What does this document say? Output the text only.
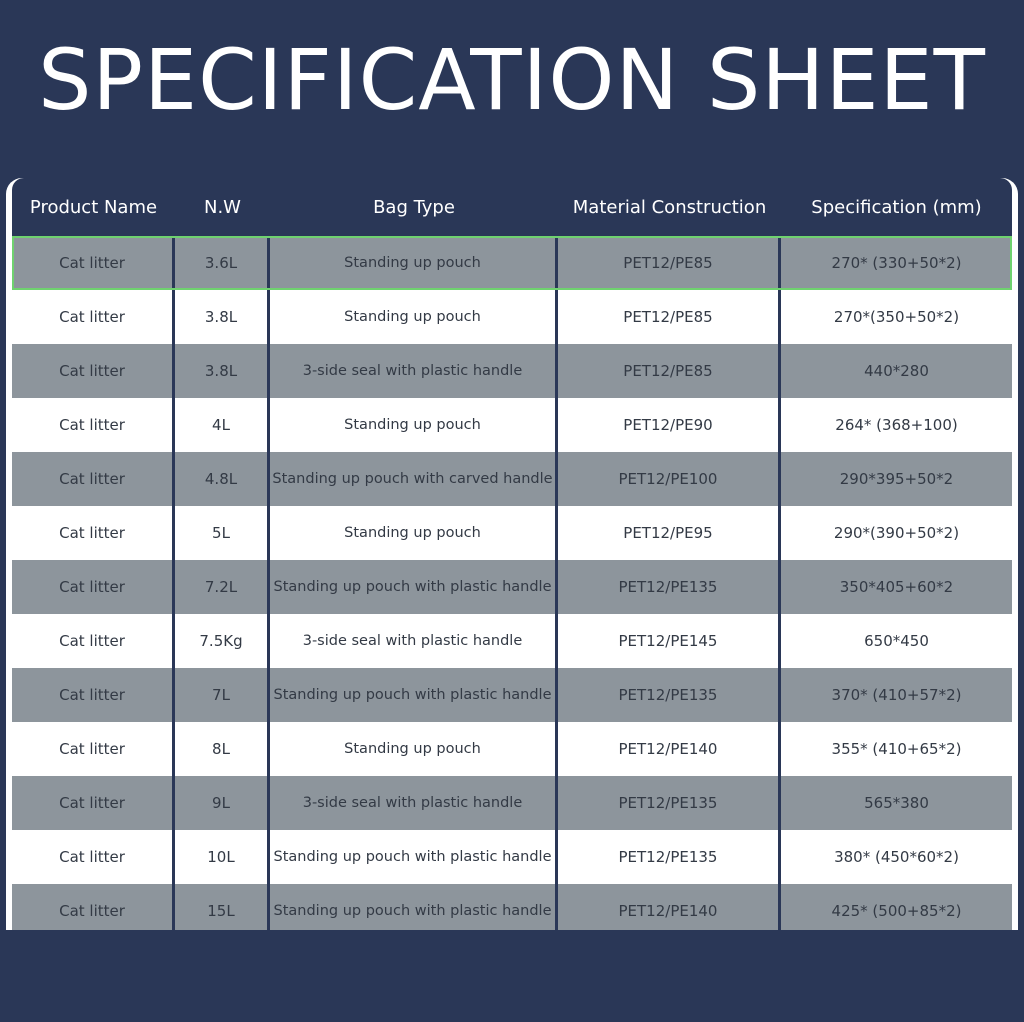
SPECIFICATION SHEET
Product Name	N.W	Bag Type	Material Construction	Specification (mm)
Cat litter	3.6L	Standing up pouch	PET12/PE85	270* (330+50*2)
Cat litter	3.8L	Standing up pouch	PET12/PE85	270*(350+50*2)
Cat litter	3.8L	3-side seal with plastic handle	PET12/PE85	440*280
Cat litter	4L	Standing up pouch	PET12/PE90	264* (368+100)
Cat litter	4.8L	Standing up pouch with carved handle	PET12/PE100	290*395+50*2
Cat litter	5L	Standing up pouch	PET12/PE95	290*(390+50*2)
Cat litter	7.2L	Standing up pouch with plastic handle	PET12/PE135	350*405+60*2
Cat litter	7.5Kg	3-side seal with plastic handle	PET12/PE145	650*450
Cat litter	7L	Standing up pouch with plastic handle	PET12/PE135	370* (410+57*2)
Cat litter	8L	Standing up pouch	PET12/PE140	355* (410+65*2)
Cat litter	9L	3-side seal with plastic handle	PET12/PE135	565*380
Cat litter	10L	Standing up pouch with plastic handle	PET12/PE135	380* (450*60*2)
Cat litter	15L	Standing up pouch with plastic handle	PET12/PE140	425* (500+85*2)
